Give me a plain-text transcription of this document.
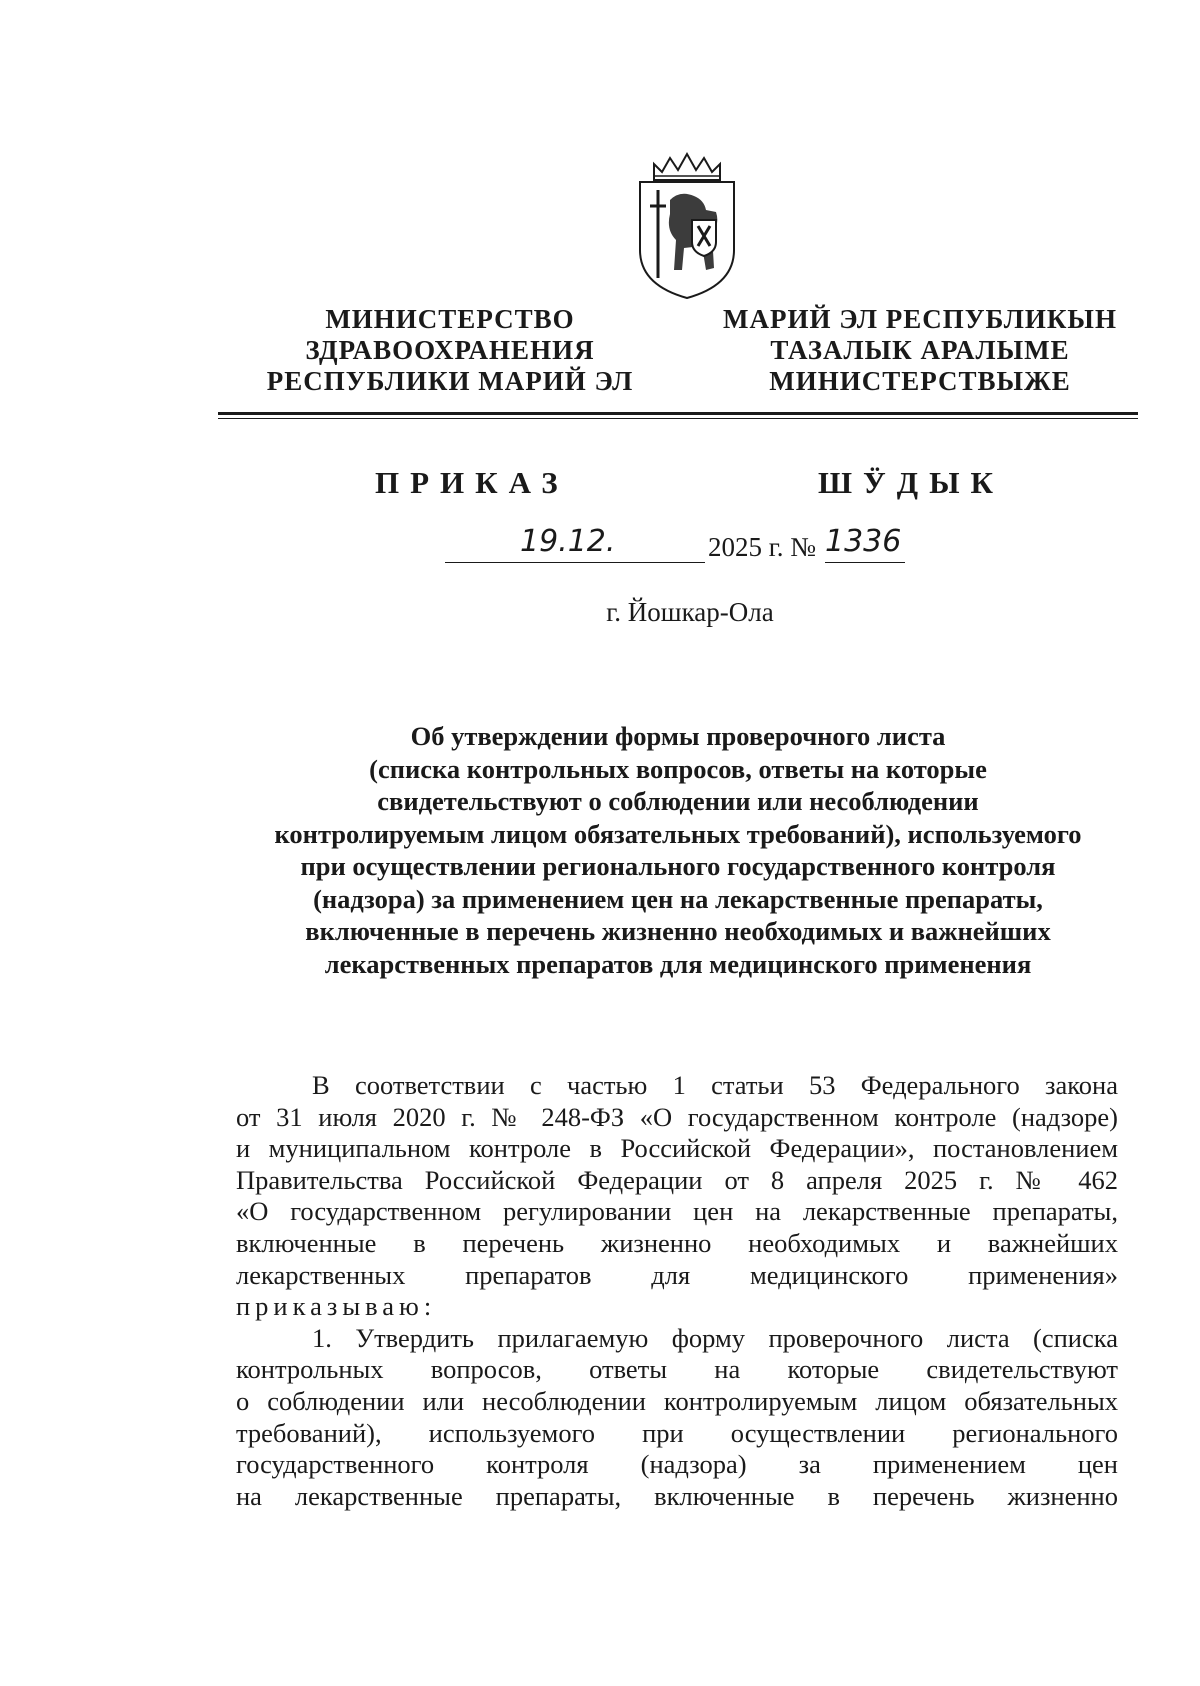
МИНИСТЕРСТВО
ЗДРАВООХРАНЕНИЯ
РЕСПУБЛИКИ МАРИЙ ЭЛ
МАРИЙ ЭЛ РЕСПУБЛИКЫН
ТАЗАЛЫК АРАЛЫМЕ
МИНИСТЕРСТВЫЖЕ
ПРИКАЗ	ШӰДЫК
19.12.	2025 г. № 1336
г. Йошкар-Ола
Об утверждении формы проверочного листа
(списка контрольных вопросов, ответы на которые
свидетельствуют о соблюдении или несоблюдении
контролируемым лицом обязательных требований), используемого
при осуществлении регионального государственного контроля
(надзора) за применением цен на лекарственные препараты,
включенные в перечень жизненно необходимых и важнейших
лекарственных препаратов для медицинского применения
В соответствии с частью 1 статьи 53 Федерального закона
от 31 июля 2020 г. № 248-ФЗ «О государственном контроле (надзоре)
и муниципальном контроле в Российской Федерации», постановлением
Правительства Российской Федерации от 8 апреля 2025 г. № 462
«О государственном регулировании цен на лекарственные препараты,
включенные в перечень жизненно необходимых и важнейших
лекарственных препаратов для медицинского применения»
приказываю:
1. Утвердить прилагаемую форму проверочного листа (списка
контрольных вопросов, ответы на которые свидетельствуют
о соблюдении или несоблюдении контролируемым лицом обязательных
требований), используемого при осуществлении регионального
государственного контроля (надзора) за применением цен
на лекарственные препараты, включенные в перечень жизненно
